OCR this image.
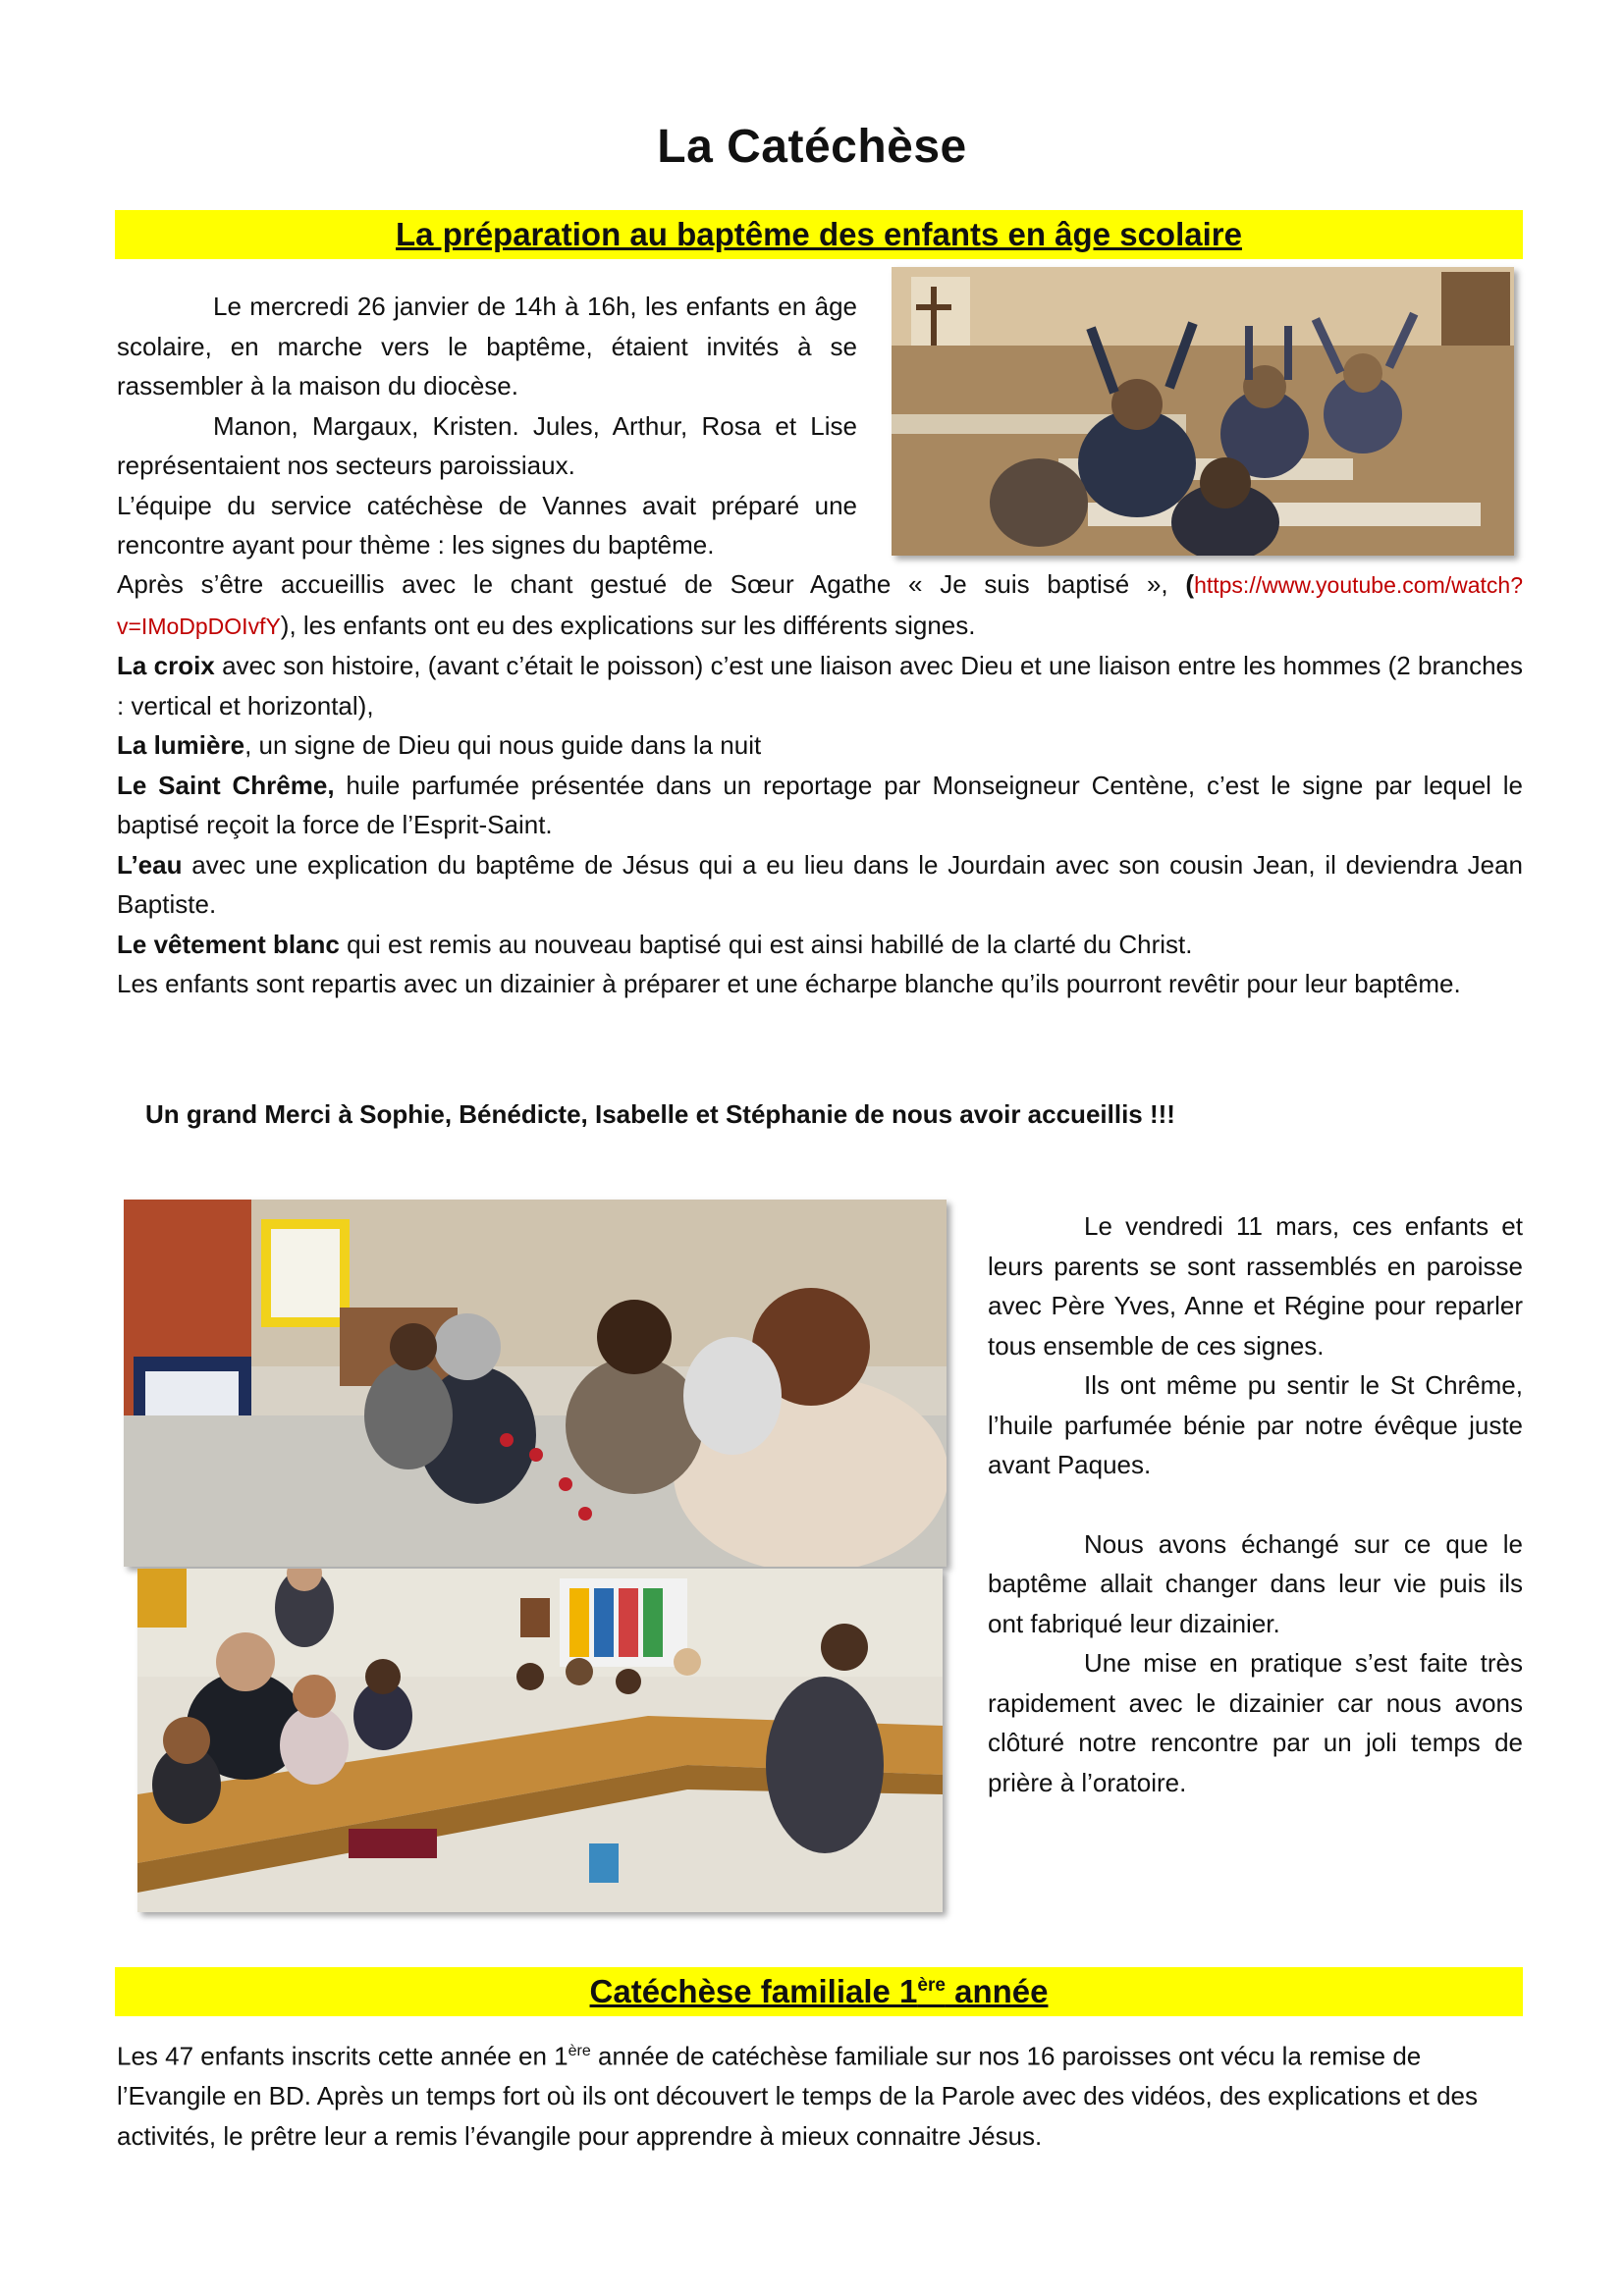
La Catéchèse
La préparation au baptême des enfants en âge scolaire

Le mercredi 26 janvier de 14h à 16h, les enfants en âge scolaire, en marche vers le baptême, étaient invités à se rassembler à la maison du diocèse.

Manon, Margaux, Kristen. Jules, Arthur, Rosa et Lise représentaient nos secteurs paroissiaux.

L’équipe du service catéchèse de Vannes avait préparé une rencontre ayant pour thème : les signes du baptême.

Après s’être accueillis avec le chant gestué de Sœur Agathe « Je suis baptisé », (https://www.youtube.com/watch?v=IMoDpDOIvfY), les enfants ont eu des explications sur les différents signes.

La croix avec son histoire, (avant c’était le poisson) c’est une liaison avec Dieu et une liaison entre les hommes (2 branches : vertical et horizontal),

La lumière, un signe de Dieu qui nous guide dans la nuit

Le Saint Chrême, huile parfumée présentée dans un reportage par Monseigneur Centène, c’est le signe par lequel le baptisé reçoit la force de l’Esprit-Saint.

L’eau avec une explication du baptême de Jésus qui a eu lieu dans le Jourdain avec son cousin Jean, il deviendra Jean Baptiste.

Le vêtement blanc qui est remis au nouveau baptisé qui est ainsi habillé de la clarté du Christ.

Les enfants sont repartis avec un dizainier à préparer et une écharpe blanche qu’ils pourront revêtir pour leur baptême.

Un grand Merci à Sophie, Bénédicte, Isabelle et Stéphanie de nous avoir accueillis !!!

Le vendredi 11 mars, ces enfants et leurs parents se sont rassemblés en paroisse avec Père Yves, Anne et Régine pour reparler tous ensemble de ces signes.

Ils ont même pu sentir le St Chrême, l’huile parfumée bénie par notre évêque juste avant Paques.

Nous avons échangé sur ce que le baptême allait changer dans leur vie puis ils ont fabriqué leur dizainier.

Une mise en pratique s’est faite très rapidement avec le dizainier car nous avons clôturé notre rencontre par un joli temps de prière à l’oratoire.

Catéchèse familiale 1ère année

Les 47 enfants inscrits cette année en 1ère année de catéchèse familiale sur nos 16 paroisses ont vécu la remise de l’Evangile en BD. Après un temps fort où ils ont découvert le temps de la Parole avec des vidéos, des explications et des activités, le prêtre leur a remis l’évangile pour apprendre à mieux connaitre Jésus.
